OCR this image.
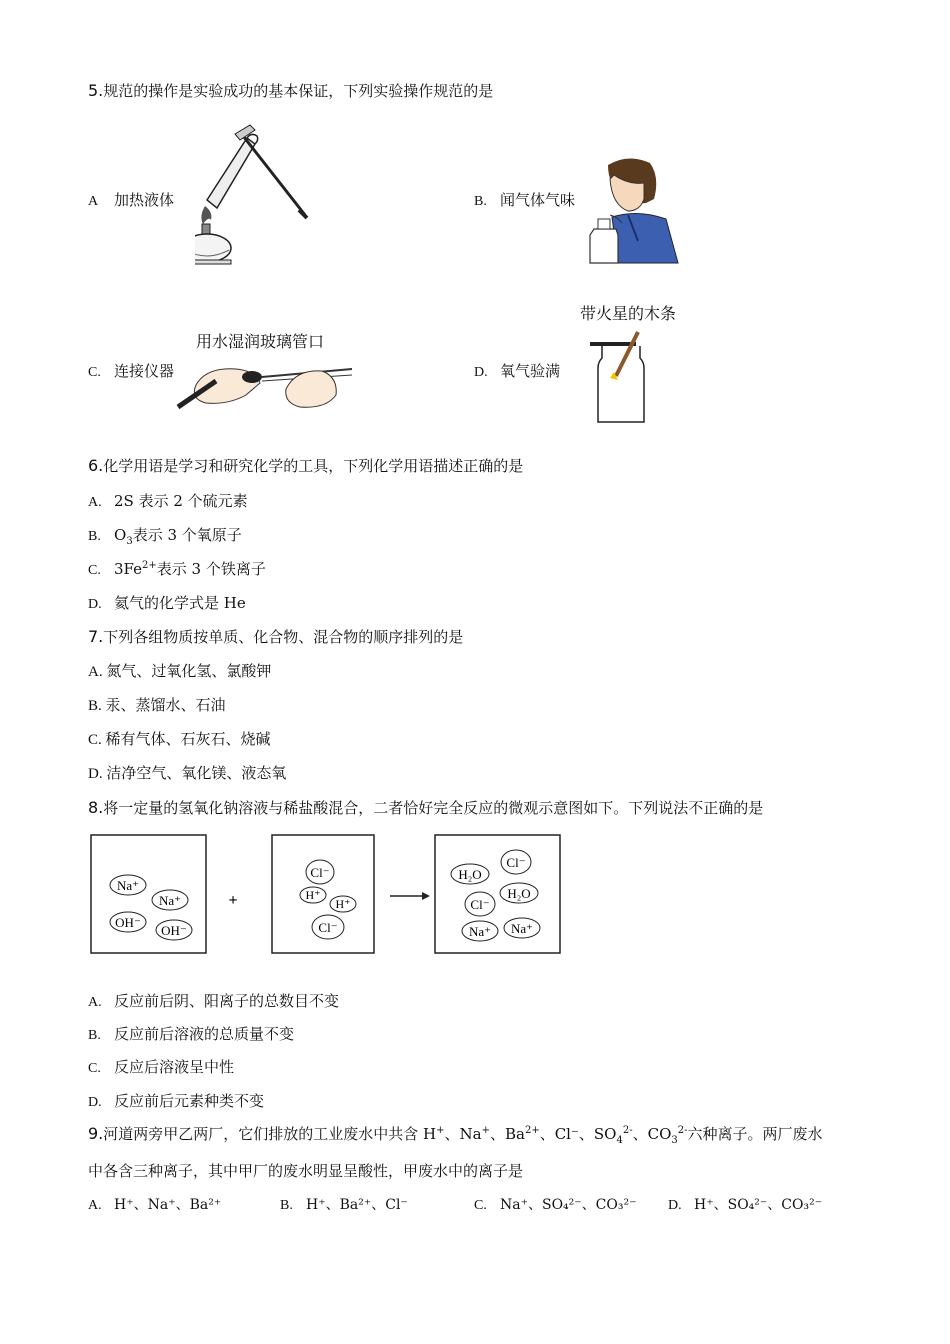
5.规范的操作是实验成功的基本保证，下列实验操作规范的是
A 加热液体	B. 闻气体气味
C. 连接仪器
用水湿润玻璃管口
D. 氧气验满
带火星的木条
6.化学用语是学习和研究化学的工具，下列化学用语描述正确的是
A. 2S 表示 2 个硫元素
B. $O_3$表示 3 个氧原子
C. $3Fe^{2+}$表示 3 个铁离子
D. 氦气的化学式是 He
7.下列各组物质按单质、化合物、混合物的顺序排列的是
A. 氮气、过氧化氢、氯酸钾
B. 汞、蒸馏水、石油
C. 稀有气体、石灰石、烧碱
D. 洁净空气、氧化镁、液态氧
8.将一定量的氢氧化钠溶液与稀盐酸混合，二者恰好完全反应的微观示意图如下。下列说法不正确的是
Na⁺
Na⁺
OH⁻
OH⁻
+
Cl⁻
H⁺
H⁺
Cl⁻
H₂O
Cl⁻
H₂O
Cl⁻
Na⁺ Na⁺
A. 反应前后阴、阳离子的总数目不变
B. 反应前后溶液的总质量不变
C. 反应后溶液呈中性
D. 反应前后元素种类不变
9.河道两旁甲乙两厂，它们排放的工业废水中共含 H+、Na+、$Ba^{2+}$、Cl⁻、$SO_4^{2-}$、$CO_3^{2-}$六种离子。两厂废水
中各含三种离子，其中甲厂的废水明显呈酸性，甲废水中的离子是
A. H⁺、Na⁺、Ba²⁺	B. H⁺、Ba²⁺、Cl⁻	C. Na⁺、SO₄²⁻、CO₃²⁻ D. H⁺、SO₄²⁻、CO₃²⁻
